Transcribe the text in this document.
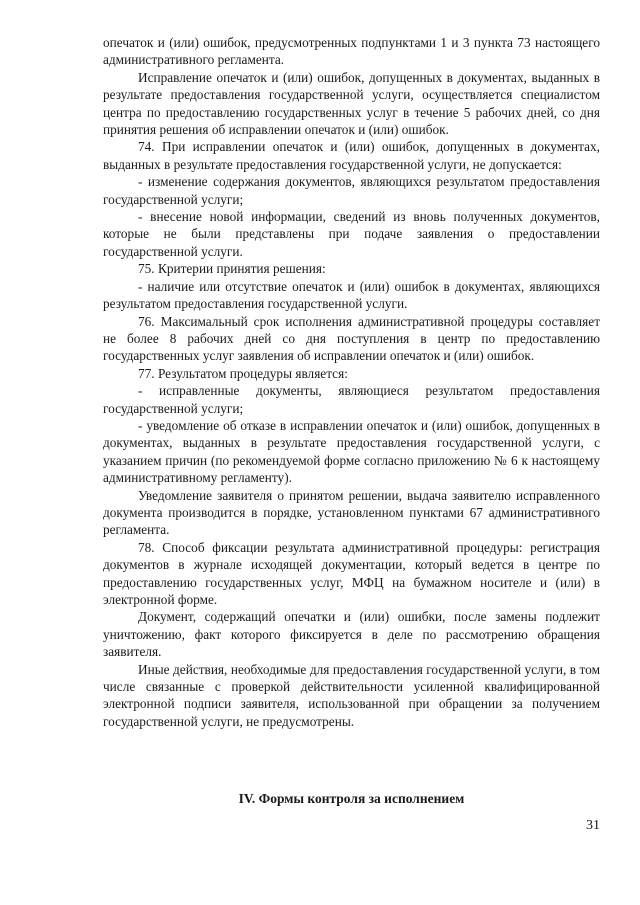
опечаток и (или) ошибок, предусмотренных подпунктами 1 и 3 пункта 73 настоящего административного регламента.

Исправление опечаток и (или) ошибок, допущенных в документах, выданных в результате предоставления государственной услуги, осуществляется специалистом центра по предоставлению государственных услуг в течение 5 рабочих дней, со дня принятия решения об исправлении опечаток и (или) ошибок.

74. При исправлении опечаток и (или) ошибок, допущенных в документах, выданных в результате предоставления государственной услуги, не допускается:

- изменение содержания документов, являющихся результатом предоставления государственной услуги;

- внесение новой информации, сведений из вновь полученных документов, которые не были представлены при подаче заявления о предоставлении государственной услуги.

75. Критерии принятия решения:

- наличие или отсутствие опечаток и (или) ошибок в документах, являющихся результатом предоставления государственной услуги.

76. Максимальный срок исполнения административной процедуры составляет не более 8 рабочих дней со дня поступления в центр по предоставлению государственных услуг заявления об исправлении опечаток и (или) ошибок.

77. Результатом процедуры является:

- исправленные документы, являющиеся результатом предоставления государственной услуги;

- уведомление об отказе в исправлении опечаток и (или) ошибок, допущенных в документах, выданных в результате предоставления государственной услуги, с указанием причин (по рекомендуемой форме согласно приложению № 6 к настоящему административному регламенту).

Уведомление заявителя о принятом решении, выдача заявителю исправленного документа производится в порядке, установленном пунктами 67 административного регламента.

78. Способ фиксации результата административной процедуры: регистрация документов в журнале исходящей документации, который ведется в центре по предоставлению государственных услуг, МФЦ на бумажном носителе и (или) в электронной форме.

Документ, содержащий опечатки и (или) ошибки, после замены подлежит уничтожению, факт которого фиксируется в деле по рассмотрению обращения заявителя.

Иные действия, необходимые для предоставления государственной услуги, в том числе связанные с проверкой действительности усиленной квалифицированной электронной подписи заявителя, использованной при обращении за получением государственной услуги, не предусмотрены.

IV. Формы контроля за исполнением
31
